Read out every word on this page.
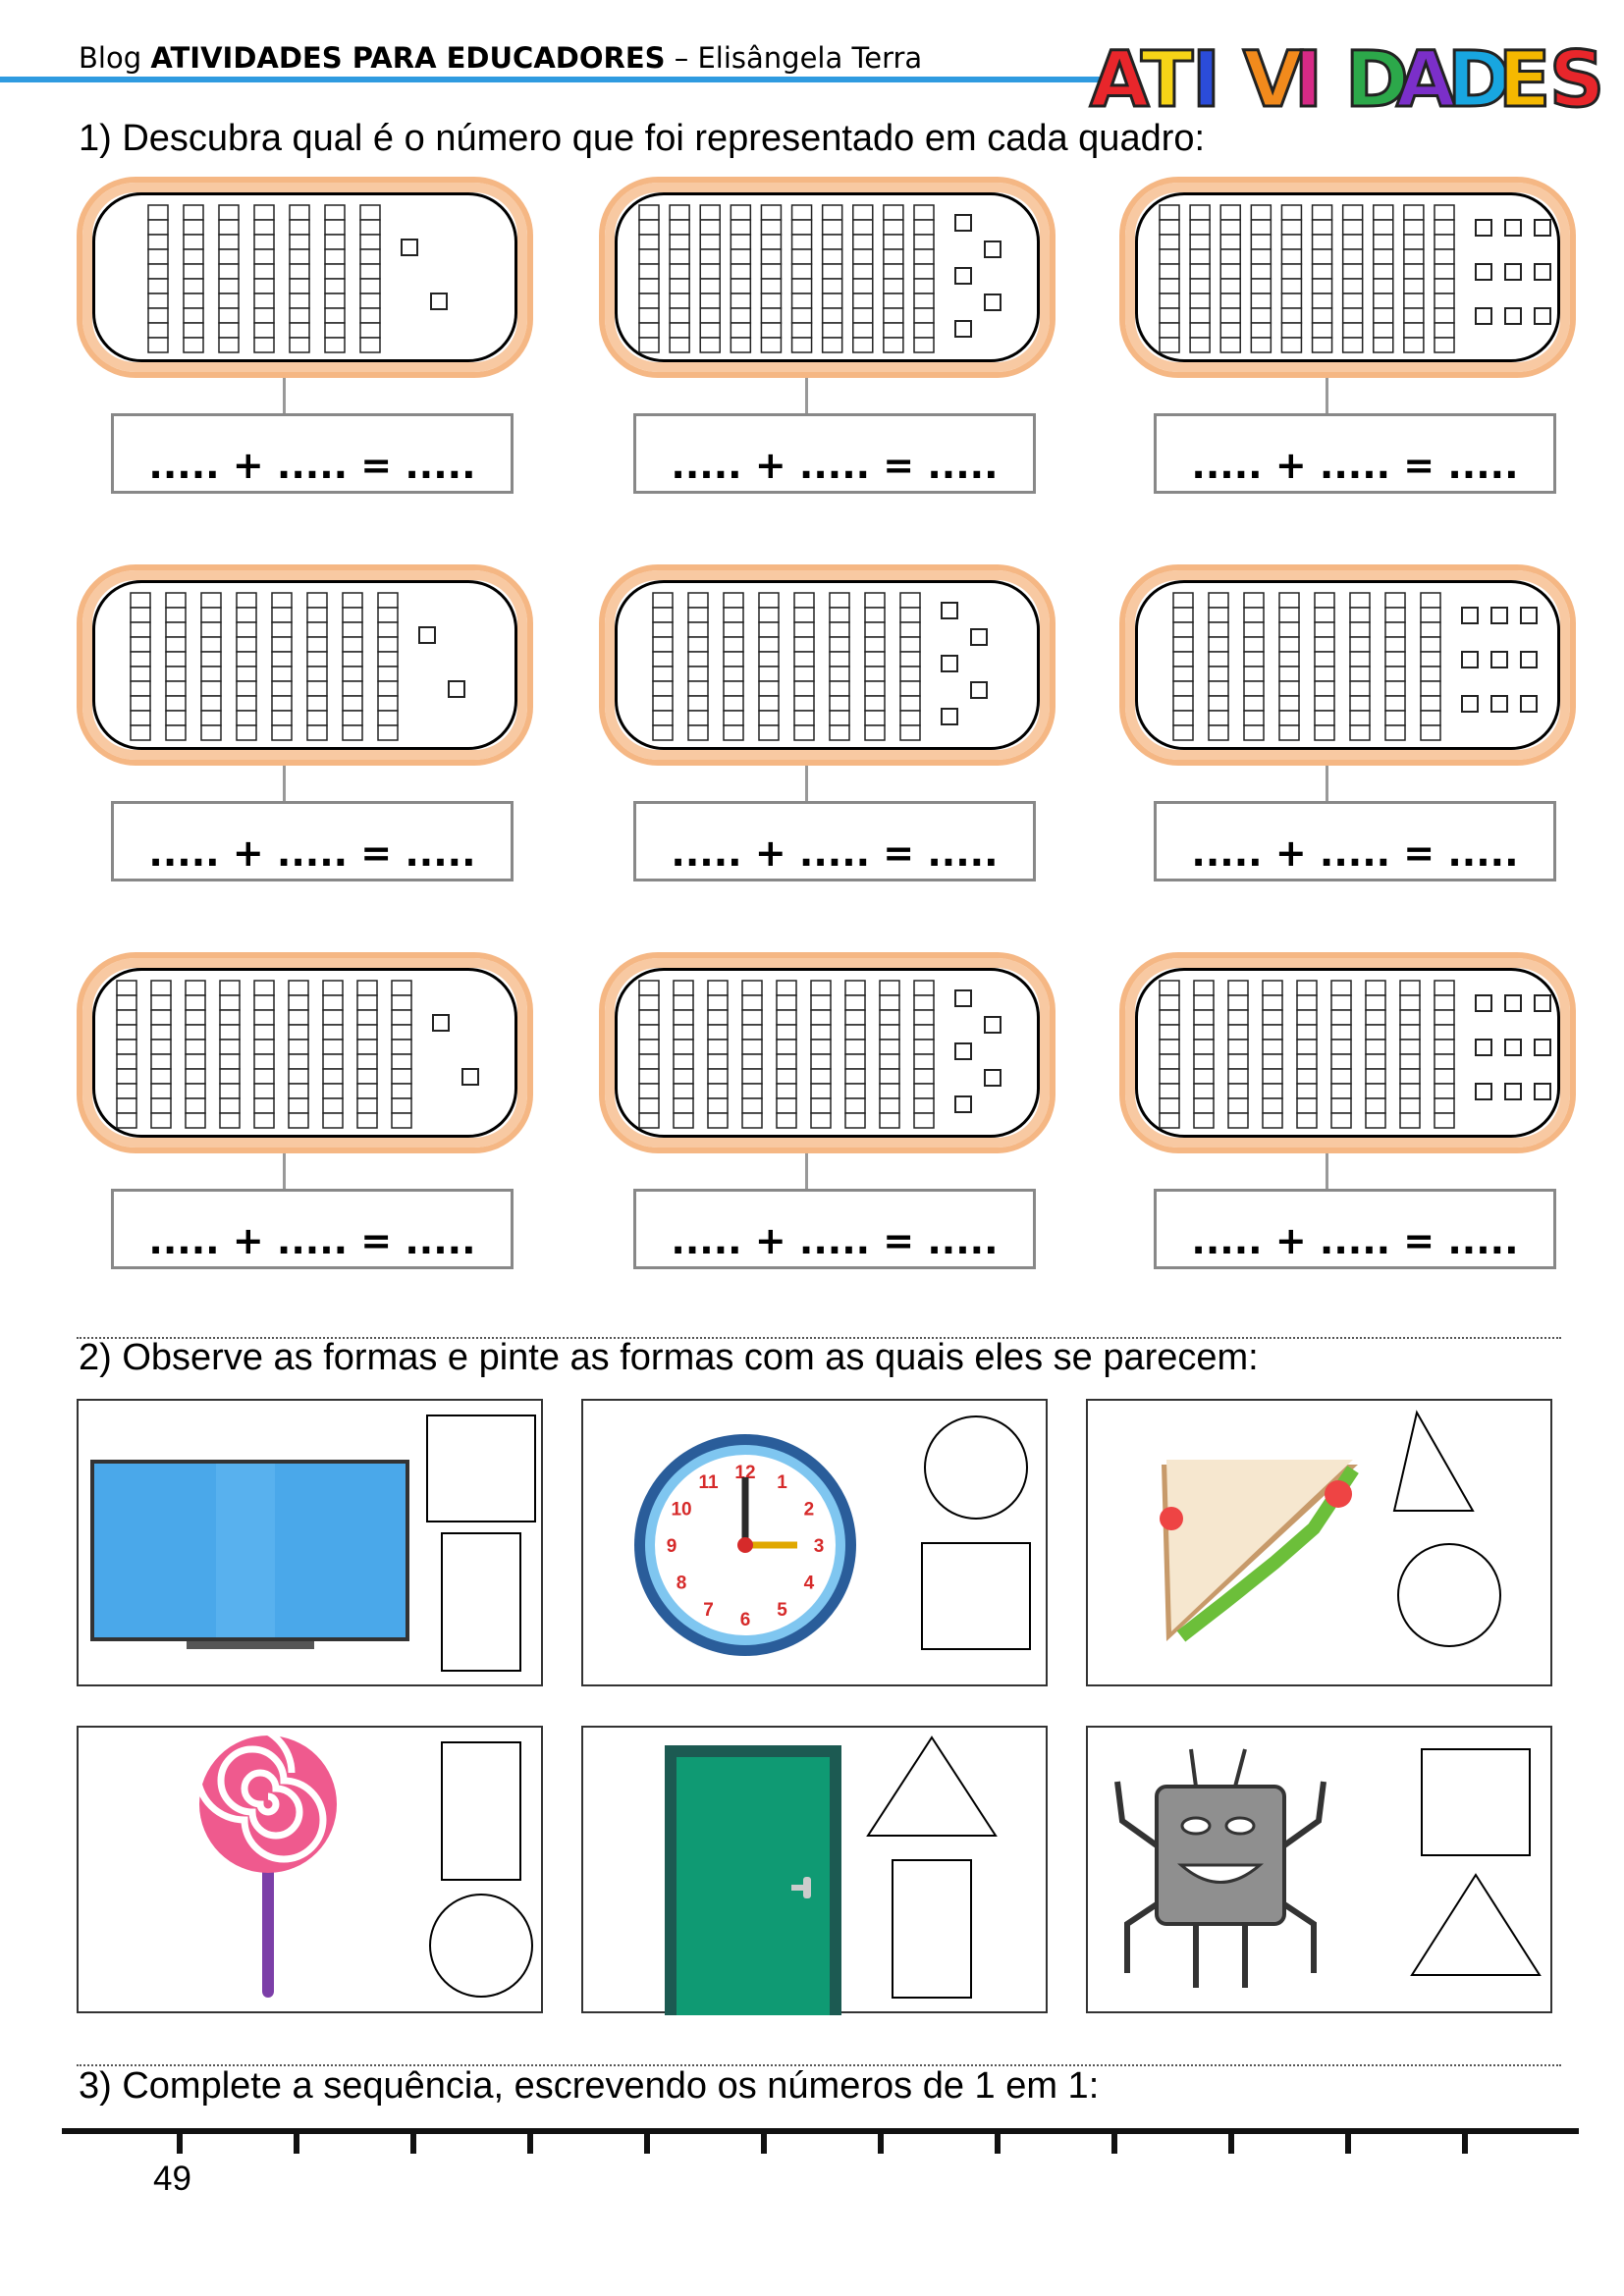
Blog ATIVIDADES PARA EDUCADORES – Elisângela Terra A
T
I V
I D
A
D
E
S
1) Descubra qual é o número que foi representado em cada quadro:
..... + ..... = .....	..... + ..... = .....	..... + ..... = .....
..... + ..... = .....	..... + ..... = .....	..... + ..... = .....
..... + ..... = .....	..... + ..... = .....	..... + ..... = .....
2) Observe as formas e pinte as formas com as quais eles se parecem:
12 1
2
3
4
5
6
7
8
9
10
11
3) Complete a sequência, escrevendo os números de 1 em 1:
49
